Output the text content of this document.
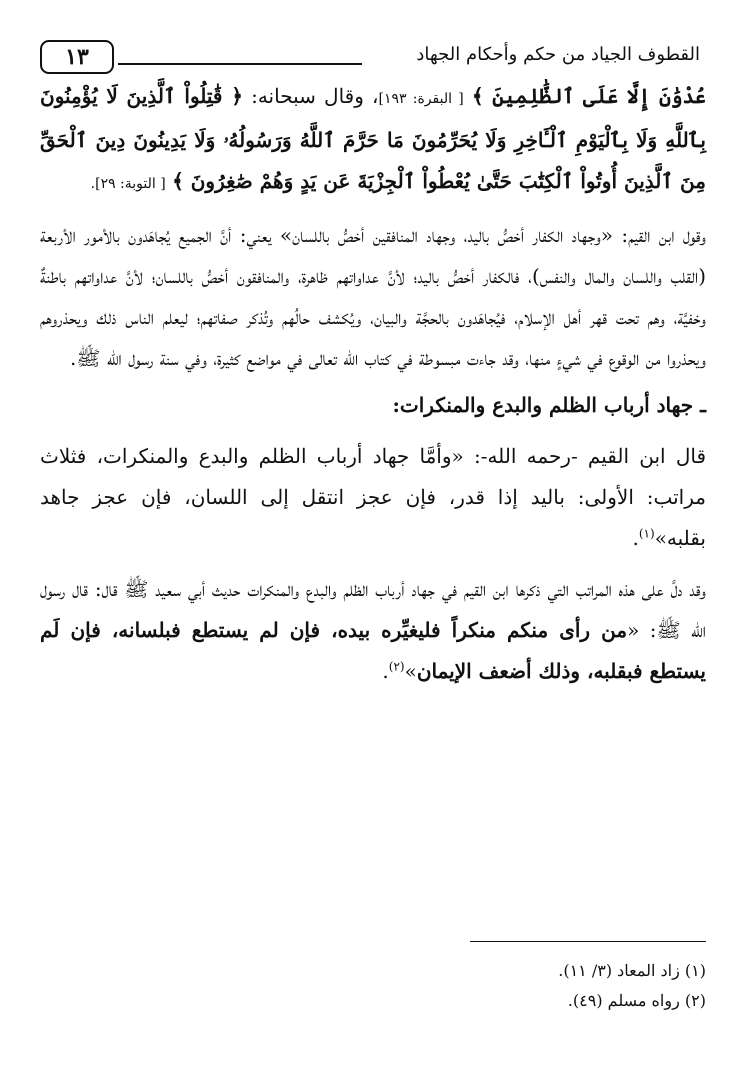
القطوف الجياد من حكم وأحكام الجهاد
١٣

عُدْوَٰنَ إِلَّا عَلَى ٱلظَّٰلِمِينَ ﴾ [ البقرة: ١٩٣]، وقال سبحانه: ﴿ قَٰتِلُواْ ٱلَّذِينَ لَا يُؤْمِنُونَ بِٱللَّهِ وَلَا بِٱلْيَوْمِ ٱلْـَٔاخِرِ وَلَا يُحَرِّمُونَ مَا حَرَّمَ ٱللَّهُ وَرَسُولُهُۥ وَلَا يَدِينُونَ دِينَ ٱلْحَقِّ مِنَ ٱلَّذِينَ أُوتُواْ ٱلْكِتَٰبَ حَتَّىٰ يُعْطُواْ ٱلْجِزْيَةَ عَن يَدٍ وَهُمْ صَٰغِرُونَ ﴾ [ التوبة: ٢٩].

وقول ابن القيم: «وجهاد الكفار أخصُّ باليد، وجهاد المنافقين أخصُّ باللسان» يعني: أنَّ الجميع يُجاهَدون بالأمور الأربعة (القلب واللسان والمال والنفس)، فالكفار أخصُّ باليد؛ لأنَّ عداواتهم ظاهرة، والمنافقون أخصُّ باللسان؛ لأنَّ عداواتهم باطنةٌ وخفيَّة، وهم تحت قهر أهل الإسلام، فيُجاهَدون بالحجَّة والبيان، ويُكشف حالُهم وتُذكر صفاتهم؛ ليعلم الناس ذلك ويحذروهم ويحذروا من الوقوع في شيءٍ منها، وقد جاءت مبسوطة في كتاب الله تعالى في مواضع كثيرة، وفي سنة رسول الله ﷺ.

ـ جهاد أرباب الظلم والبدع والمنكرات:

قال ابن القيم -رحمه الله-: «وأمَّا جهاد أرباب الظلم والبدع والمنكرات، فثلاث مراتب: الأولى: باليد إذا قدر، فإن عجز انتقل إلى اللسان، فإن عجز جاهد بقلبه»$^{(١)}$.

وقد دلَّ على هذه المراتب التي ذكرها ابن القيم في جهاد أرباب الظلم والبدع والمنكرات حديث أبي سعيد ﷺ قال: قال رسول الله ﷺ: «من رأى منكم منكراً فليغيِّره بيده، فإن لم يستطع فبلسانه، فإن لَم يستطع فبقلبه، وذلك أضعف الإيمان»$^{(٢)}$.

(١) زاد المعاد (٣/ ١١).
(٢) رواه مسلم (٤٩).
